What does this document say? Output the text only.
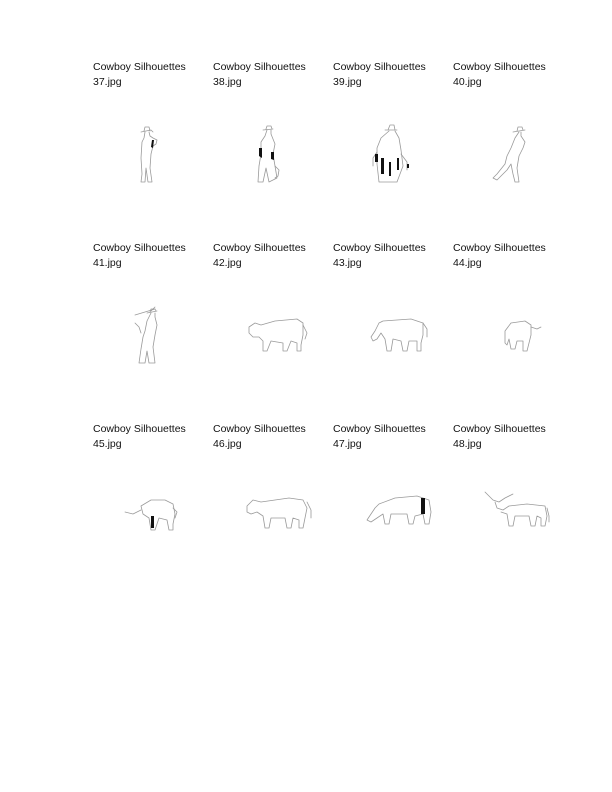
Cowboy Silhouettes
37.jpg
Cowboy Silhouettes
38.jpg
Cowboy Silhouettes
39.jpg
Cowboy Silhouettes
40.jpg
Cowboy Silhouettes
41.jpg
Cowboy Silhouettes
42.jpg
Cowboy Silhouettes
43.jpg
Cowboy Silhouettes
44.jpg
Cowboy Silhouettes
45.jpg
Cowboy Silhouettes
46.jpg
Cowboy Silhouettes
47.jpg
Cowboy Silhouettes
48.jpg
